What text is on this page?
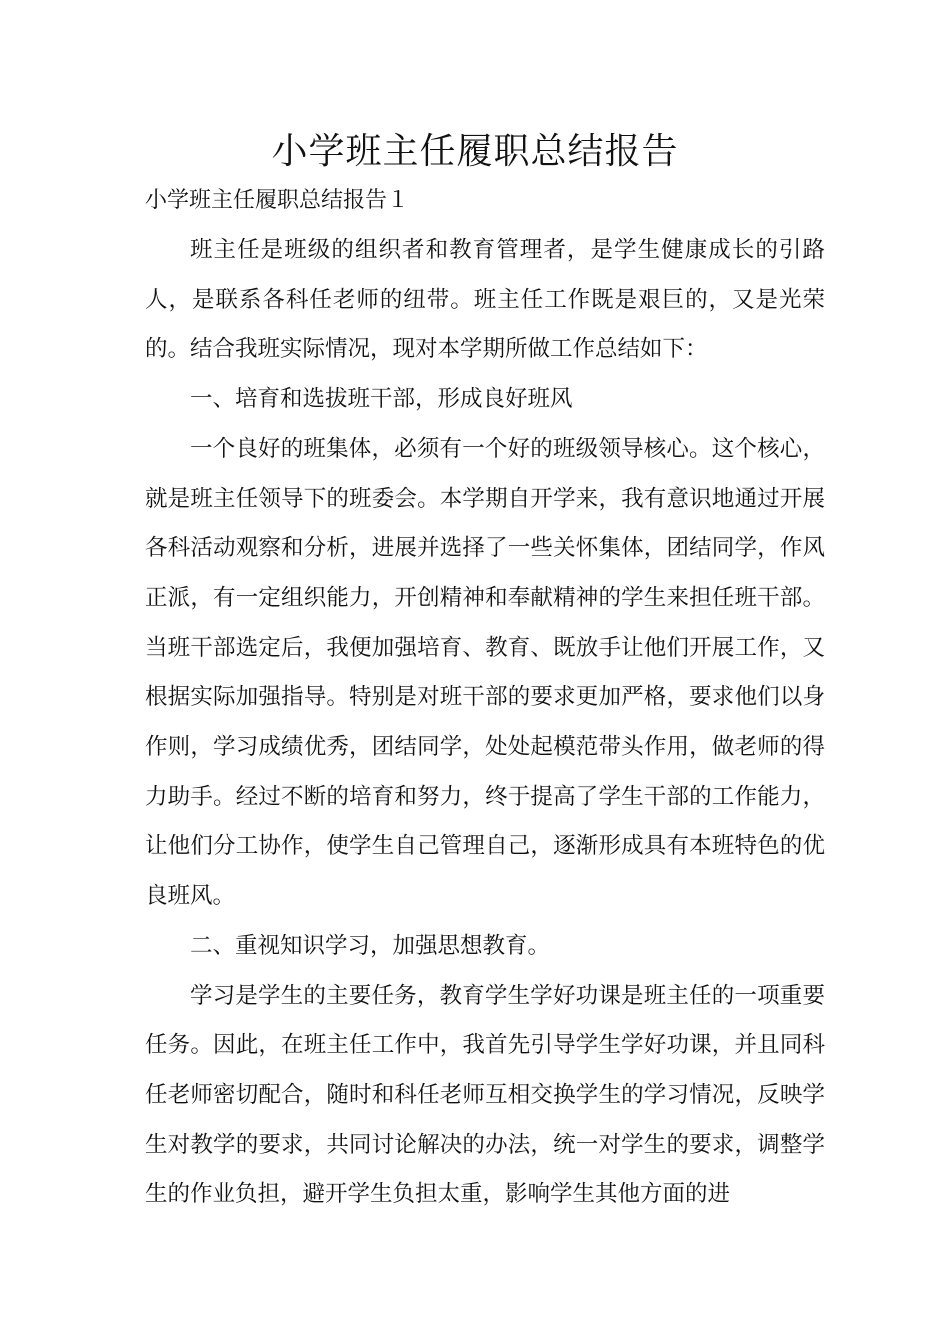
小学班主任履职总结报告
小学班主任履职总结报告１

班主任是班级的组织者和教育管理者，是学生健康成长的引路人，是联系各科任老师的纽带。班主任工作既是艰巨的，又是光荣的。结合我班实际情况，现对本学期所做工作总结如下：

一、培育和选拔班干部，形成良好班风

一个良好的班集体，必须有一个好的班级领导核心。这个核心，就是班主任领导下的班委会。本学期自开学来，我有意识地通过开展各科活动观察和分析，进展并选择了一些关怀集体，团结同学，作风正派，有一定组织能力，开创精神和奉献精神的学生来担任班干部。当班干部选定后，我便加强培育、教育、既放手让他们开展工作，又根据实际加强指导。特别是对班干部的要求更加严格，要求他们以身作则，学习成绩优秀，团结同学，处处起模范带头作用，做老师的得力助手。经过不断的培育和努力，终于提高了学生干部的工作能力，让他们分工协作，使学生自己管理自己，逐渐形成具有本班特色的优良班风。

二、重视知识学习，加强思想教育。

学习是学生的主要任务，教育学生学好功课是班主任的一项重要任务。因此，在班主任工作中，我首先引导学生学好功课，并且同科任老师密切配合，随时和科任老师互相交换学生的学习情况，反映学生对教学的要求，共同讨论解决的办法，统一对学生的要求，调整学生的作业负担，避开学生负担太重，影响学生其他方面的进
